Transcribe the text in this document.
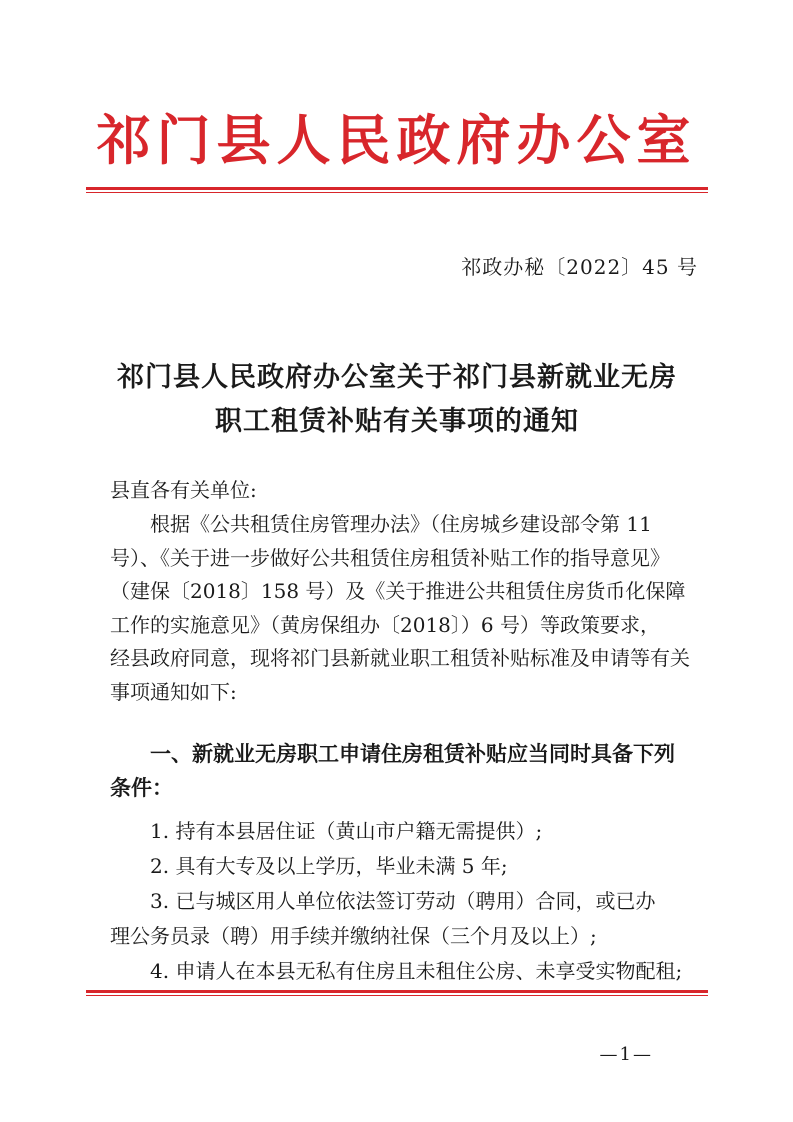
祁门县人民政府办公室
祁政办秘〔2022〕45 号
祁门县人民政府办公室关于祁门县新就业无房
职工租赁补贴有关事项的通知
县直各有关单位:
根据《公共租赁住房管理办法》（住房城乡建设部令第 11
号）、《关于进一步做好公共租赁住房租赁补贴工作的指导意见》
（建保〔2018〕158 号）及《关于推进公共租赁住房货币化保障
工作的实施意见》（黄房保组办〔2018〕）6 号）等政策要求，
经县政府同意，现将祁门县新就业职工租赁补贴标准及申请等有关
事项通知如下:
一、新就业无房职工申请住房租赁补贴应当同时具备下列
条件：
1. 持有本县居住证（黄山市户籍无需提供）;
2. 具有大专及以上学历，毕业未满 5 年;
3. 已与城区用人单位依法签订劳动（聘用）合同，或已办
理公务员录（聘）用手续并缴纳社保（三个月及以上）;
4. 申请人在本县无私有住房且未租住公房、未享受实物配租;
—1—
